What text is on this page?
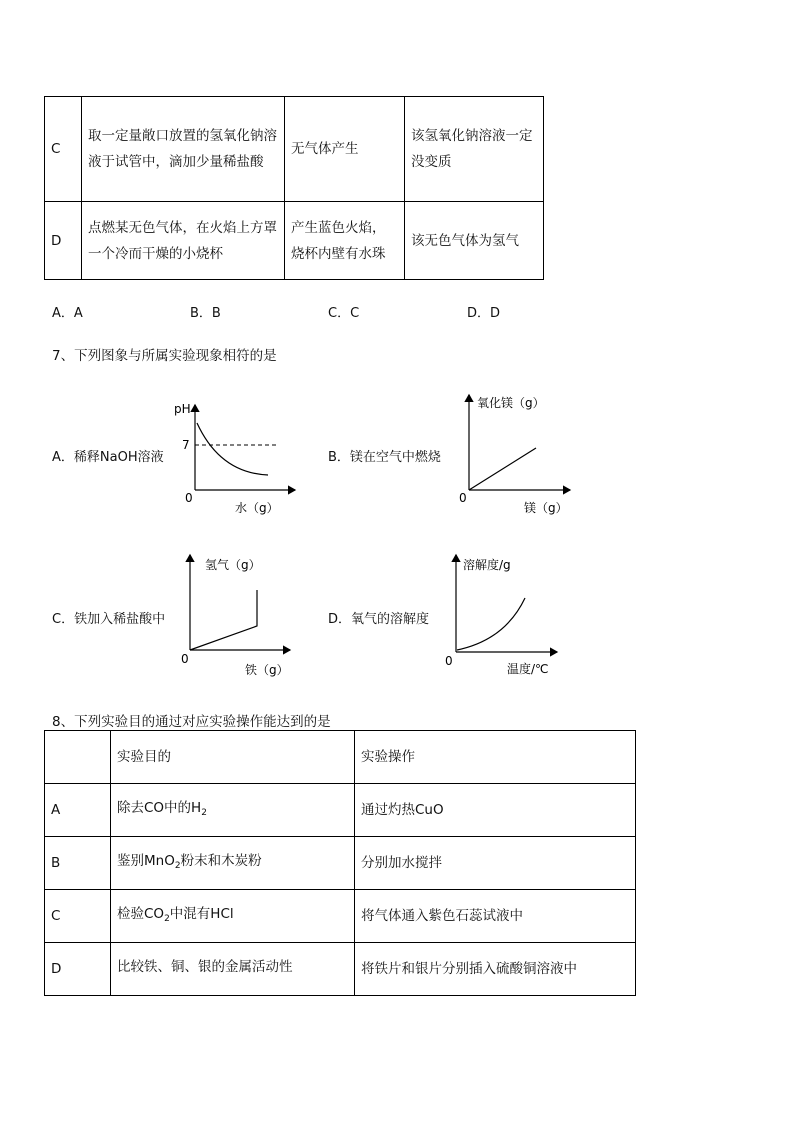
C	取一定量敞口放置的氢氧化钠溶液于试管中，滴加少量稀盐酸	无气体产生	该氢氧化钠溶液一定没变质
D	点燃某无色气体，在火焰上方罩一个冷而干燥的小烧杯	产生蓝色火焰，烧杯内壁有水珠	该无色气体为氢气
A．A	B．B	C．C	D．D
7、下列图象与所属实验现象相符的是
A．稀释NaOH溶液
pH
7
0
水（g）
B．镁在空气中燃烧
氧化镁（g）
0
镁（g）
C．铁加入稀盐酸中
氢气（g）
0
铁（g）
D．氧气的溶解度
溶解度/g
0
温度/℃
8、下列实验目的通过对应实验操作能达到的是
	实验目的	实验操作
A	除去CO中的$H_2$	通过灼热CuO
B	鉴别MnO$_2$粉末和木炭粉	分别加水搅拌
C	检验$CO_2$中混有HCl	将气体通入紫色石蕊试液中
D	比较铁、铜、银的金属活动性	将铁片和银片分别插入硫酸铜溶液中
